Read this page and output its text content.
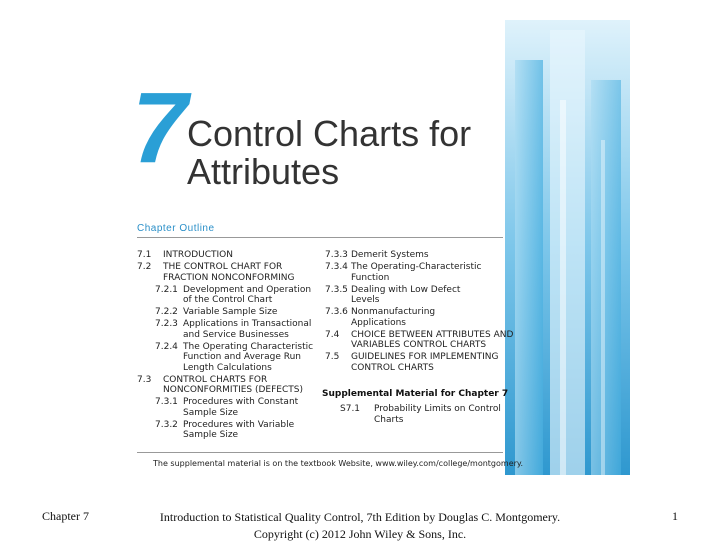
7 Control Charts for
Attributes
Chapter Outline
7.1 INTRODUCTION
7.2 THE CONTROL CHART FOR
FRACTION NONCONFORMING
7.2.1 Development and Operation
of the Control Chart
7.2.2 Variable Sample Size
7.2.3 Applications in Transactional
and Service Businesses
7.2.4 The Operating Characteristic
Function and Average Run
Length Calculations
7.3 CONTROL CHARTS FOR
NONCONFORMITIES (DEFECTS)
7.3.1 Procedures with Constant
Sample Size
7.3.2 Procedures with Variable
Sample Size
7.3.3 Demerit Systems
7.3.4 The Operating-Characteristic
Function
7.3.5 Dealing with Low Defect
Levels
7.3.6 Nonmanufacturing
Applications
7.4 CHOICE BETWEEN ATTRIBUTES AND
VARIABLES CONTROL CHARTS
7.5 GUIDELINES FOR IMPLEMENTING
CONTROL CHARTS
Supplemental Material for Chapter 7
S7.1 Probability Limits on Control
Charts
The supplemental material is on the textbook Website, www.wiley.com/college/montgomery.
Chapter 7	Introduction to Statistical Quality Control, 7th Edition by Douglas C. Montgomery.
Copyright (c) 2012 John Wiley & Sons, Inc.
1
